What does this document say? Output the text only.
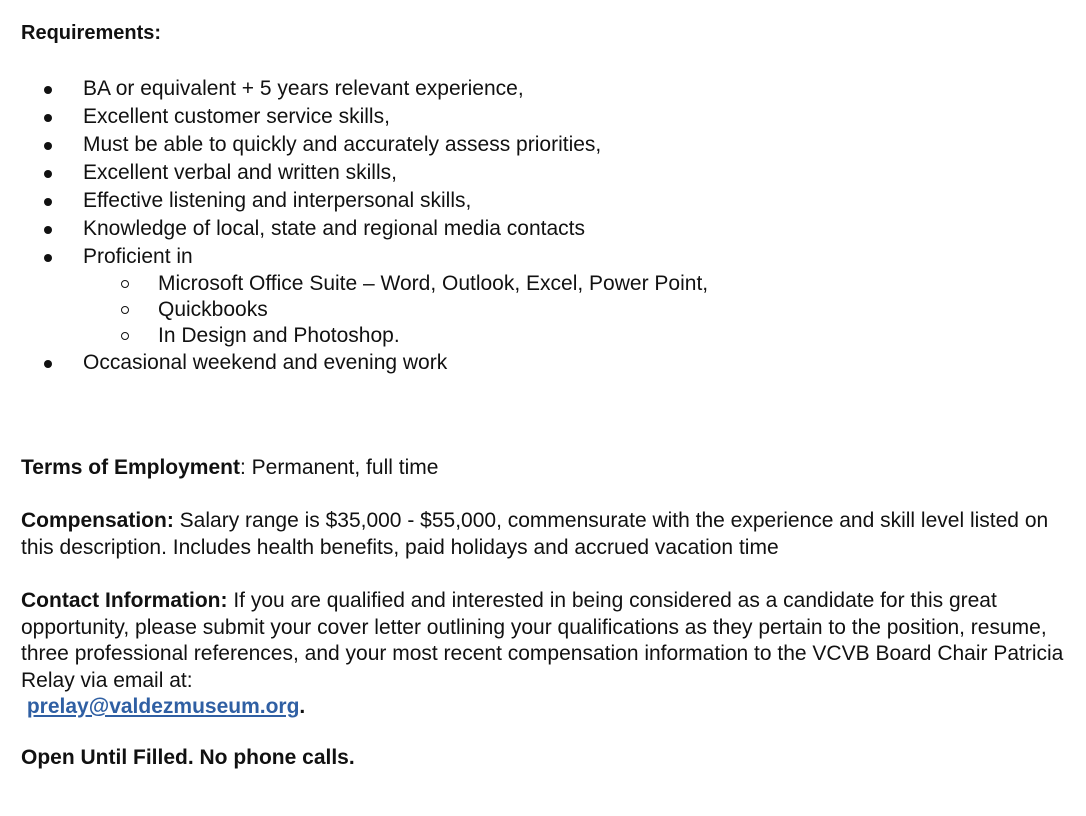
Requirements:
BA or equivalent + 5 years relevant experience,
Excellent customer service skills,
Must be able to quickly and accurately assess priorities,
Excellent verbal and written skills,
Effective listening and interpersonal skills,
Knowledge of local, state and regional media contacts
Proficient in
Microsoft Office Suite – Word, Outlook, Excel, Power Point,
Quickbooks
In Design and Photoshop.
Occasional weekend and evening work
Terms of Employment: Permanent, full time
Compensation: Salary range is $35,000 - $55,000, commensurate with the experience and skill level listed on this description. Includes health benefits, paid holidays and accrued vacation time
Contact Information: If you are qualified and interested in being considered as a candidate for this great opportunity, please submit your cover letter outlining your qualifications as they pertain to the position, resume, three professional references, and your most recent compensation information to the VCVB Board Chair Patricia Relay via email at:
prelay@valdezmuseum.org.
Open Until Filled. No phone calls.
